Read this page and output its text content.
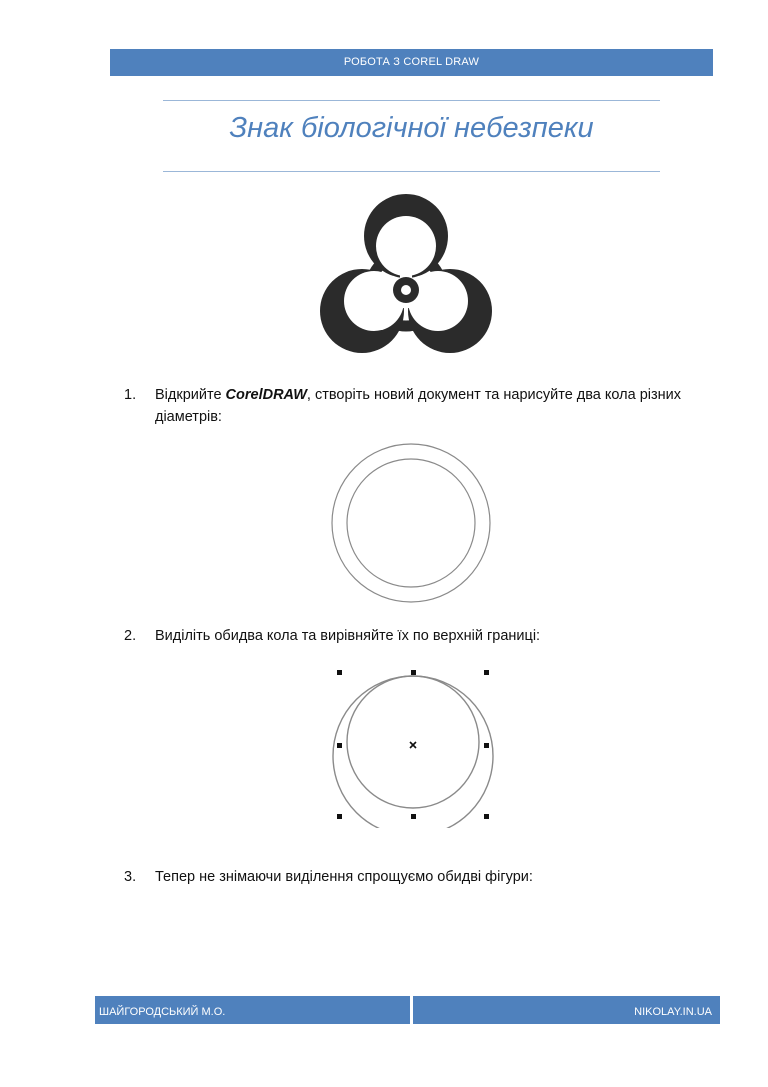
РОБОТА З COREL DRAW
Знак біологічної небезпеки
1. Відкрийте CorelDRAW, створіть новий документ та нарисуйте два кола різних діаметрів:
2. Виділіть обидва кола та вирівняйте їх по верхній границі:
3. Тепер не знімаючи виділення спрощуємо обидві фігури:
ШАЙГОРОДСЬКИЙ М.О.	NIKOLAY.IN.UA
